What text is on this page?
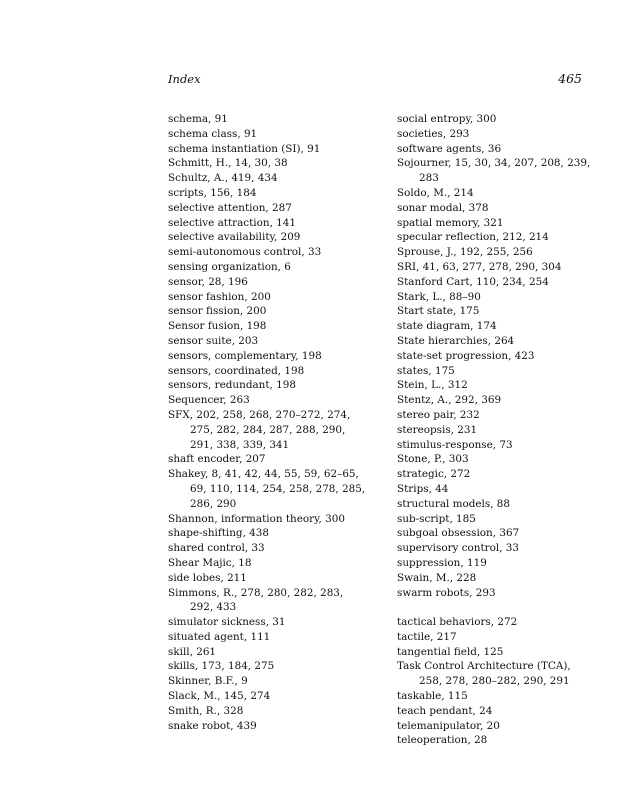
Index	465
schema, 91
schema class, 91
schema instantiation (SI), 91
Schmitt, H., 14, 30, 38
Schultz, A., 419, 434
scripts, 156, 184
selective attention, 287
selective attraction, 141
selective availability, 209
semi-autonomous control, 33
sensing organization, 6
sensor, 28, 196
sensor fashion, 200
sensor fission, 200
Sensor fusion, 198
sensor suite, 203
sensors, complementary, 198
sensors, coordinated, 198
sensors, redundant, 198
Sequencer, 263
SFX, 202, 258, 268, 270–272, 274, 275, 282, 284, 287, 288, 290, 291, 338, 339, 341
shaft encoder, 207
Shakey, 8, 41, 42, 44, 55, 59, 62–65, 69, 110, 114, 254, 258, 278, 285, 286, 290
Shannon, information theory, 300
shape-shifting, 438
shared control, 33
Shear Majic, 18
side lobes, 211
Simmons, R., 278, 280, 282, 283, 292, 433
simulator sickness, 31
situated agent, 111
skill, 261
skills, 173, 184, 275
Skinner, B.F., 9
Slack, M., 145, 274
Smith, R., 328
snake robot, 439
social entropy, 300
societies, 293
software agents, 36
Sojourner, 15, 30, 34, 207, 208, 239, 283
Soldo, M., 214
sonar modal, 378
spatial memory, 321
specular reflection, 212, 214
Sprouse, J., 192, 255, 256
SRI, 41, 63, 277, 278, 290, 304
Stanford Cart, 110, 234, 254
Stark, L., 88–90
Start state, 175
state diagram, 174
State hierarchies, 264
state-set progression, 423
states, 175
Stein, L., 312
Stentz, A., 292, 369
stereo pair, 232
stereopsis, 231
stimulus-response, 73
Stone, P., 303
strategic, 272
Strips, 44
structural models, 88
sub-script, 185
subgoal obsession, 367
supervisory control, 33
suppression, 119
Swain, M., 228
swarm robots, 293
tactical behaviors, 272
tactile, 217
tangential field, 125
Task Control Architecture (TCA), 258, 278, 280–282, 290, 291
taskable, 115
teach pendant, 24
telemanipulator, 20
teleoperation, 28
